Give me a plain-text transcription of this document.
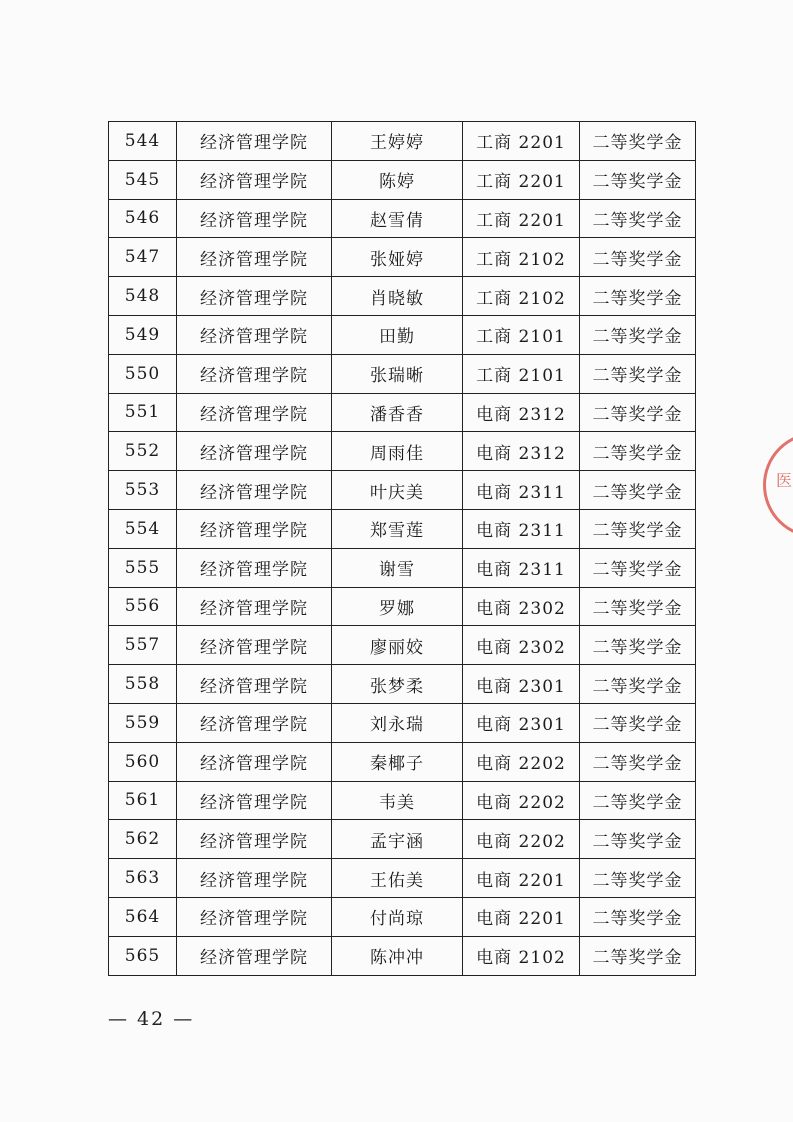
544	经济管理学院	王婷婷	工商 2201	二等奖学金
545	经济管理学院	陈婷	工商 2201	二等奖学金
546	经济管理学院	赵雪倩	工商 2201	二等奖学金
547	经济管理学院	张娅婷	工商 2102	二等奖学金
548	经济管理学院	肖晓敏	工商 2102	二等奖学金
549	经济管理学院	田勤	工商 2101	二等奖学金
550	经济管理学院	张瑞晰	工商 2101	二等奖学金
551	经济管理学院	潘香香	电商 2312	二等奖学金
552	经济管理学院	周雨佳	电商 2312	二等奖学金
553	经济管理学院	叶庆美	电商 2311	二等奖学金
554	经济管理学院	郑雪莲	电商 2311	二等奖学金
555	经济管理学院	谢雪	电商 2311	二等奖学金
556	经济管理学院	罗娜	电商 2302	二等奖学金
557	经济管理学院	廖丽姣	电商 2302	二等奖学金
558	经济管理学院	张梦柔	电商 2301	二等奖学金
559	经济管理学院	刘永瑞	电商 2301	二等奖学金
560	经济管理学院	秦椰子	电商 2202	二等奖学金
561	经济管理学院	韦美	电商 2202	二等奖学金
562	经济管理学院	孟宇涵	电商 2202	二等奖学金
563	经济管理学院	王佑美	电商 2201	二等奖学金
564	经济管理学院	付尚琼	电商 2201	二等奖学金
565	经济管理学院	陈冲冲	电商 2102	二等奖学金
— 42 —
医
